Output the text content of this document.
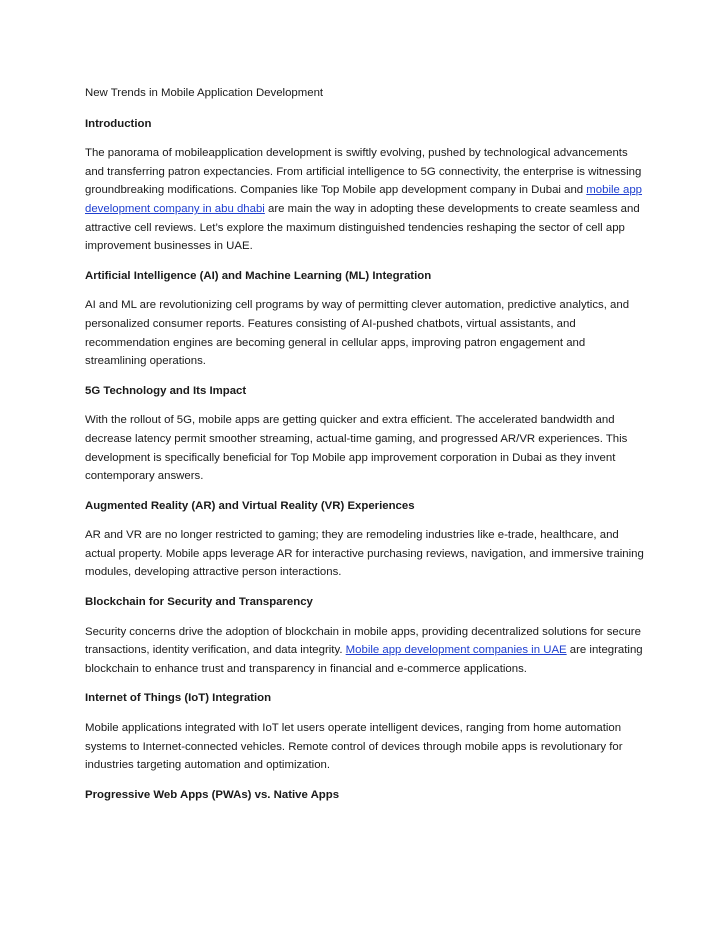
New Trends in Mobile Application Development

Introduction

The panorama of mobileapplication development is swiftly evolving, pushed by technological advancements and transferring patron expectancies. From artificial intelligence to 5G connectivity, the enterprise is witnessing groundbreaking modifications. Companies like Top Mobile app development company in Dubai and mobile app development company in abu dhabi are main the way in adopting these developments to create seamless and attractive cell reviews. Let’s explore the maximum distinguished tendencies reshaping the sector of cell app improvement businesses in UAE.

Artificial Intelligence (AI) and Machine Learning (ML) Integration

AI and ML are revolutionizing cell programs by way of permitting clever automation, predictive analytics, and personalized consumer reports. Features consisting of AI-pushed chatbots, virtual assistants, and recommendation engines are becoming general in cellular apps, improving patron engagement and streamlining operations.

5G Technology and Its Impact

With the rollout of 5G, mobile apps are getting quicker and extra efficient. The accelerated bandwidth and decrease latency permit smoother streaming, actual-time gaming, and progressed AR/VR experiences. This development is specifically beneficial for Top Mobile app improvement corporation in Dubai as they invent contemporary answers.

Augmented Reality (AR) and Virtual Reality (VR) Experiences

AR and VR are no longer restricted to gaming; they are remodeling industries like e-trade, healthcare, and actual property. Mobile apps leverage AR for interactive purchasing reviews, navigation, and immersive training modules, developing attractive person interactions.

Blockchain for Security and Transparency

Security concerns drive the adoption of blockchain in mobile apps, providing decentralized solutions for secure transactions, identity verification, and data integrity. Mobile app development companies in UAE are integrating blockchain to enhance trust and transparency in financial and e-commerce applications.

Internet of Things (IoT) Integration

Mobile applications integrated with IoT let users operate intelligent devices, ranging from home automation systems to Internet-connected vehicles. Remote control of devices through mobile apps is revolutionary for industries targeting automation and optimization.

Progressive Web Apps (PWAs) vs. Native Apps
